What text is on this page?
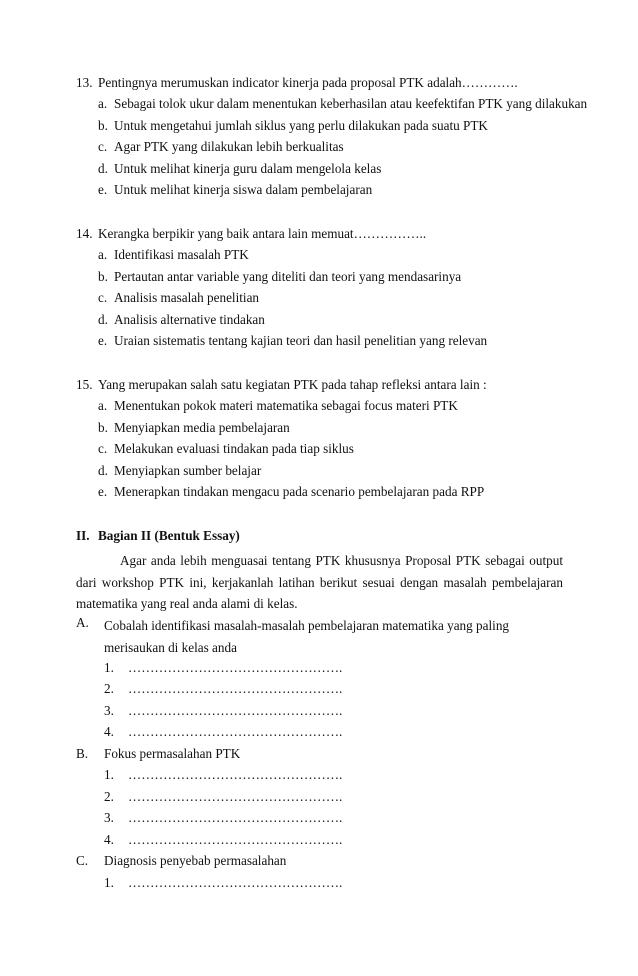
13. Pentingnya merumuskan indicator kinerja pada proposal PTK adalah………….
a. Sebagai tolok ukur dalam menentukan keberhasilan atau keefektifan PTK yang dilakukan
b. Untuk mengetahui jumlah siklus yang perlu dilakukan pada suatu PTK
c. Agar PTK yang dilakukan lebih berkualitas
d. Untuk melihat kinerja guru dalam mengelola kelas
e. Untuk melihat kinerja siswa dalam pembelajaran
14. Kerangka berpikir yang baik antara lain memuat……………..
a. Identifikasi masalah PTK
b. Pertautan antar variable yang diteliti dan teori yang mendasarinya
c. Analisis masalah penelitian
d. Analisis alternative tindakan
e. Uraian sistematis tentang kajian teori dan hasil penelitian yang relevan
15. Yang merupakan salah satu kegiatan PTK pada tahap refleksi antara lain :
a. Menentukan pokok materi matematika sebagai focus materi PTK
b. Menyiapkan media pembelajaran
c. Melakukan evaluasi tindakan pada tiap siklus
d. Menyiapkan sumber belajar
e. Menerapkan tindakan mengacu pada scenario pembelajaran pada RPP
II. Bagian II (Bentuk Essay)
Agar anda lebih menguasai tentang PTK khususnya Proposal PTK sebagai output dari workshop PTK ini, kerjakanlah latihan berikut sesuai dengan masalah pembelajaran matematika yang real anda alami di kelas.
A. Cobalah identifikasi masalah-masalah pembelajaran matematika yang paling merisaukan di kelas anda
1. ………………………………………….
2. ………………………………………….
3. ………………………………………….
4. ………………………………………….
B. Fokus permasalahan PTK
1. ………………………………………….
2. ………………………………………….
3. ………………………………………….
4. ………………………………………….
C. Diagnosis penyebab permasalahan
1. ………………………………………….
